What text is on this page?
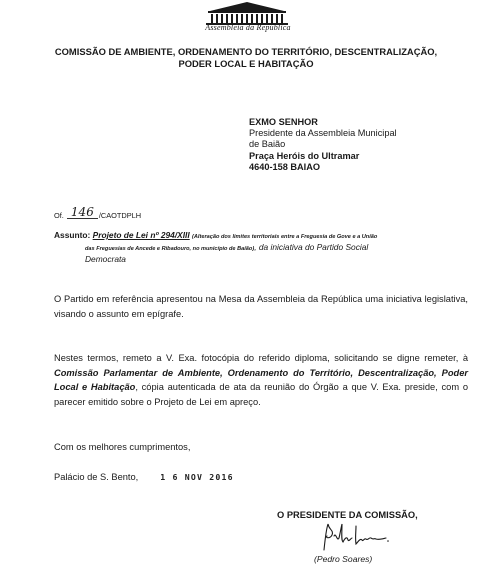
Assembleia da República
COMISSÃO DE AMBIENTE, ORDENAMENTO DO TERRITÓRIO, DESCENTRALIZAÇÃO,
PODER LOCAL E HABITAÇÃO
EXMO SENHOR
Presidente da Assembleia Municipal
de Baião
Praça Heróis do Ultramar
4640-158 BAIAO
Of. 146 /CAOTDPLH
Assunto: Projeto de Lei nº 294/XIII (Alteração dos limites territoriais entre a Freguesia de Gove e a União
das Freguesias de Ancede e Ribadouro, no município de Baião), da iniciativa do Partido Social
Democrata
O Partido em referência apresentou na Mesa da Assembleia da República uma iniciativa legislativa, visando o assunto em epígrafe.
Nestes termos, remeto a V. Exa. fotocópia do referido diploma, solicitando se digne remeter, à Comissão Parlamentar de Ambiente, Ordenamento do Território, Descentralização, Poder Local e Habitação, cópia autenticada de ata da reunião do Órgão a que V. Exa. preside, com o parecer emitido sobre o Projeto de Lei em apreço.
Com os melhores cumprimentos,
Palácio de S. Bento,	1 6 NOV 2016
O PRESIDENTE DA COMISSÃO,
(Pedro Soares)
